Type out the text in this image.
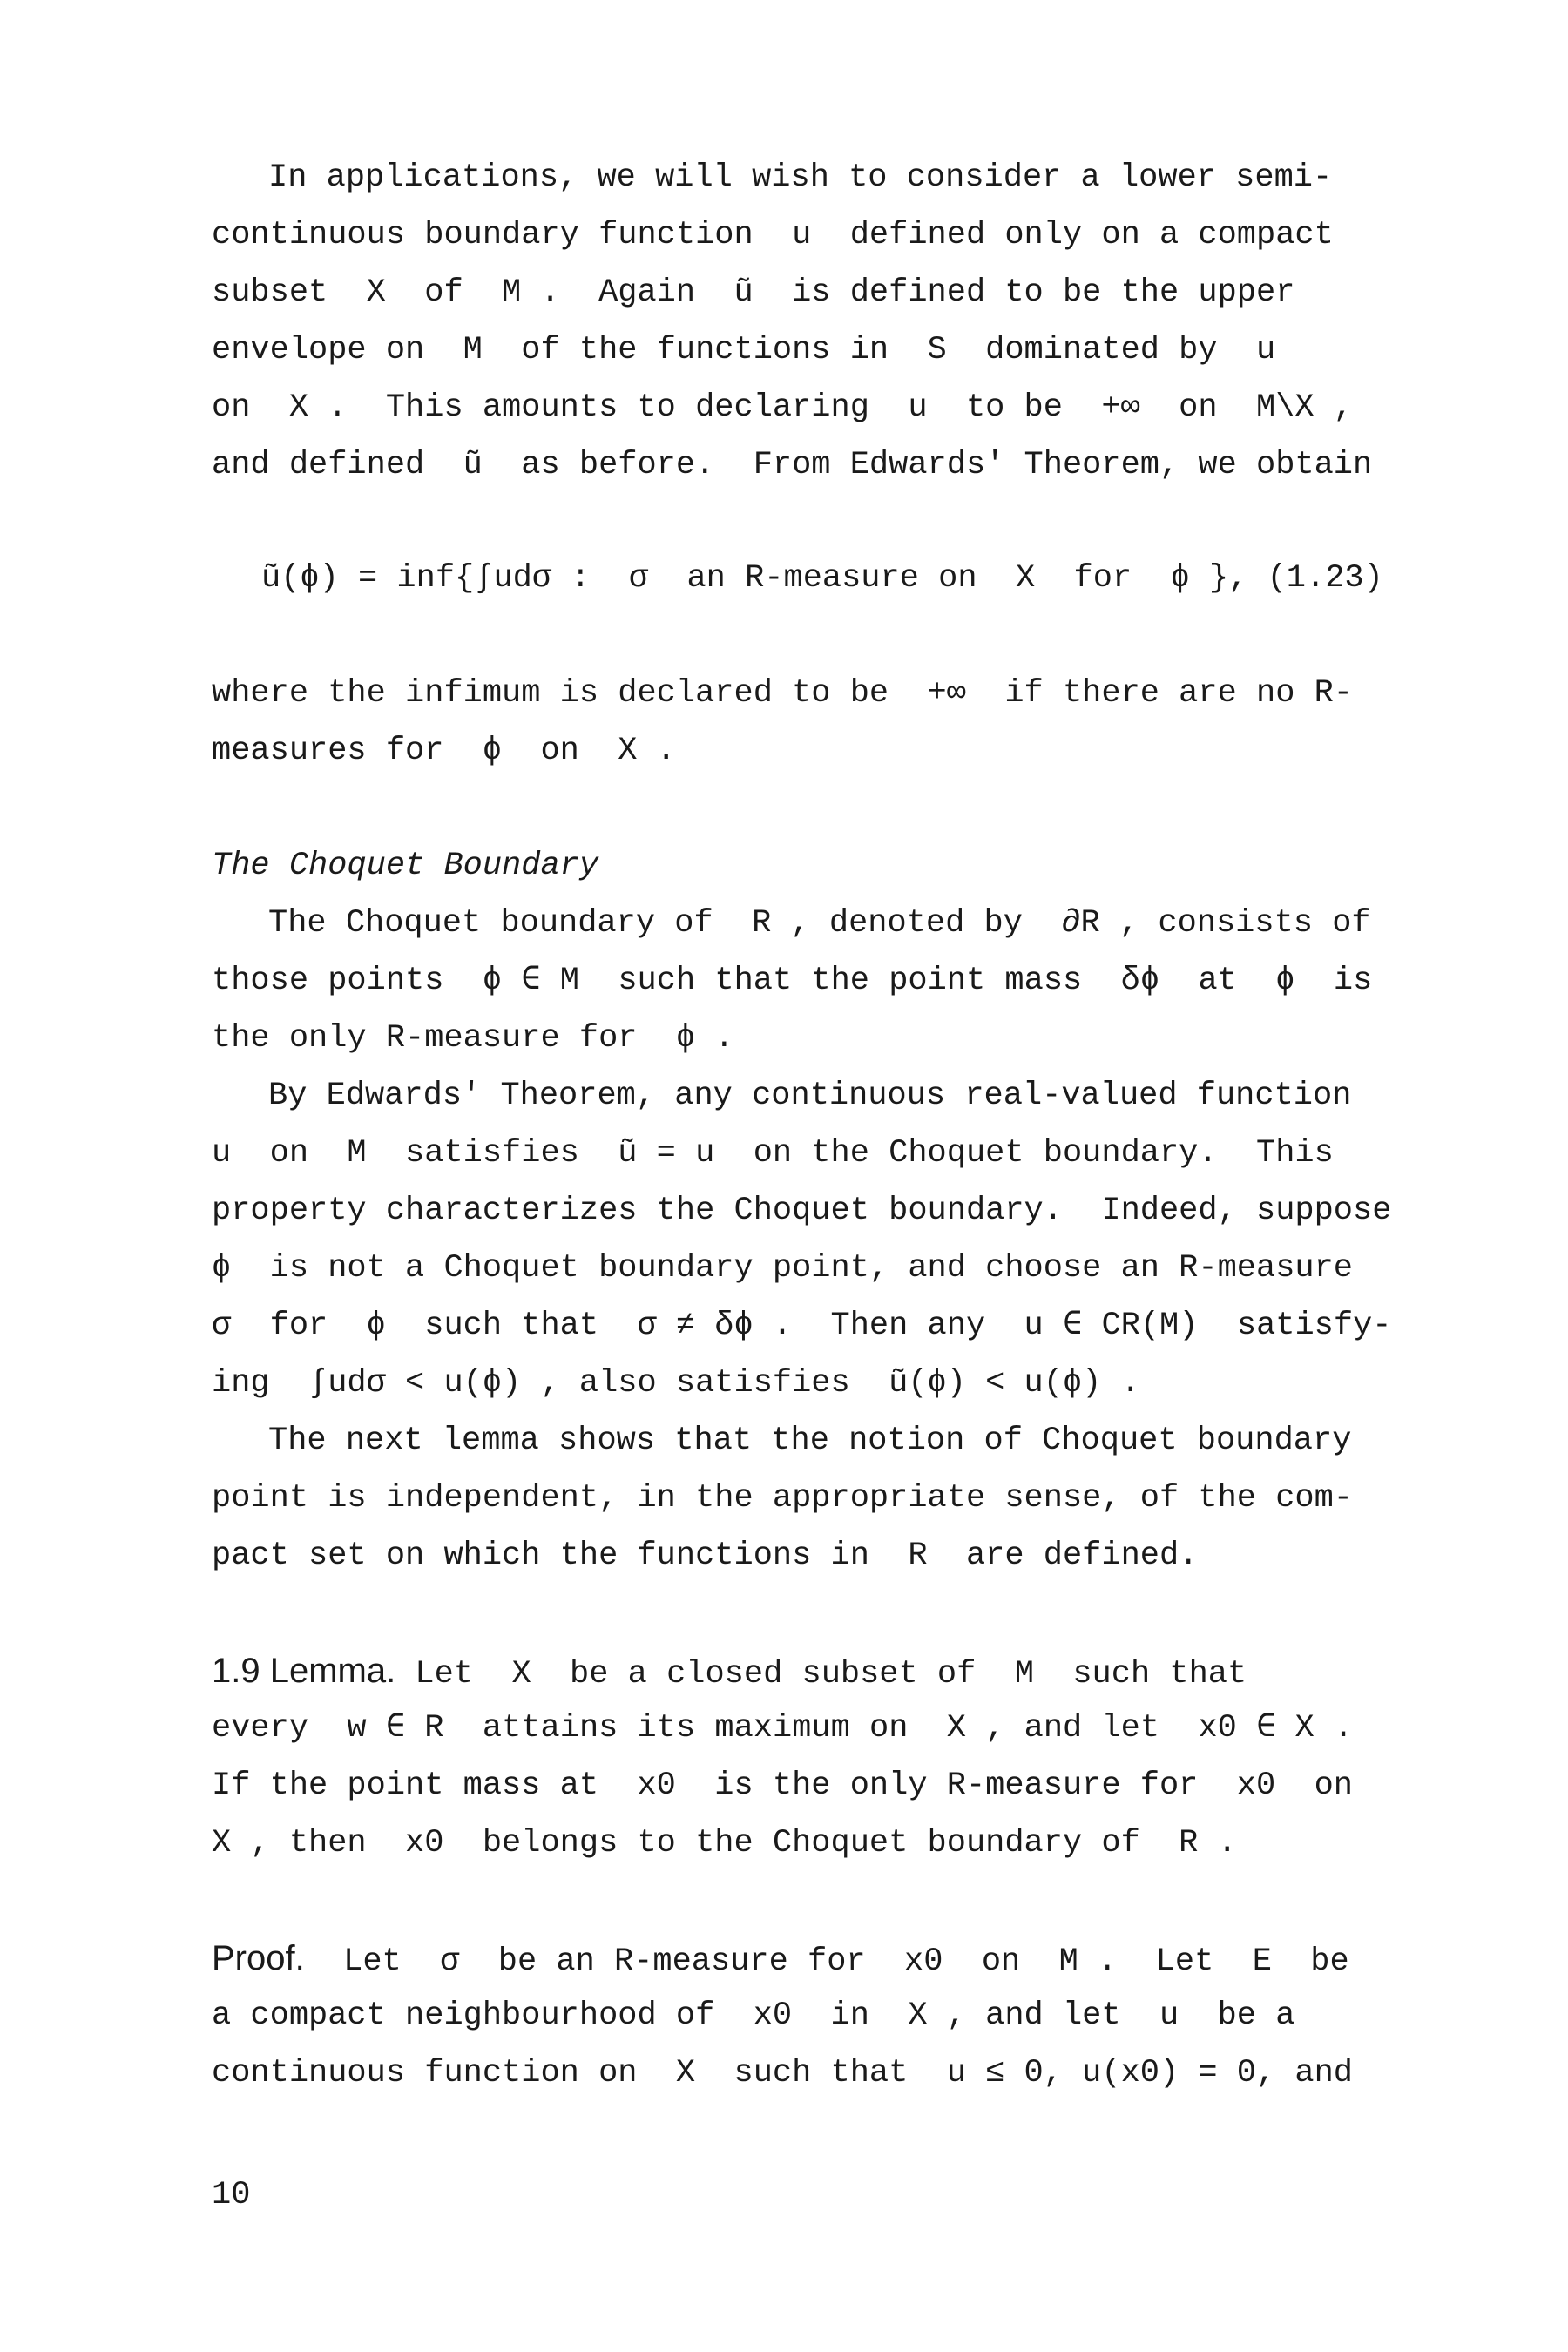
In applications, we will wish to consider a lower semi-
continuous boundary function  u  defined only on a compact
subset  X  of  M .  Again  ũ  is defined to be the upper
envelope on  M  of the functions in  S  dominated by  u
on  X .  This amounts to declaring  u  to be  +∞  on  M\X ,
and defined  ũ  as before.  From Edwards' Theorem, we obtain
ũ(ϕ) = inf{∫udσ :  σ  an R-measure on  X  for  ϕ }, (1.23)
where the infimum is declared to be  +∞  if there are no R-
measures for  ϕ  on  X .
The Choquet Boundary
The Choquet boundary of  R , denoted by  ∂R , consists of
those points  ϕ ∈ M  such that the point mass  δϕ  at  ϕ  is
the only R-measure for  ϕ .
By Edwards' Theorem, any continuous real-valued function
u  on  M  satisfies  ũ = u  on the Choquet boundary.  This
property characterizes the Choquet boundary.  Indeed, suppose
ϕ  is not a Choquet boundary point, and choose an R-measure
σ  for  ϕ  such that  σ ≠ δϕ .  Then any  u ∈ CR(M)  satisfy-
ing  ∫udσ < u(ϕ) , also satisfies  ũ(ϕ) < u(ϕ) .
The next lemma shows that the notion of Choquet boundary
point is independent, in the appropriate sense, of the com-
pact set on which the functions in  R  are defined.
1.9 Lemma. Let  X  be a closed subset of  M  such that
every  w ∈ R  attains its maximum on  X , and let  x0 ∈ X .
If the point mass at  x0  is the only R-measure for  x0  on
X , then  x0  belongs to the Choquet boundary of  R .
Proof.  Let  σ  be an R-measure for  x0  on  M .  Let  E  be
a compact neighbourhood of  x0  in  X , and let  u  be a
continuous function on  X  such that  u ≤ 0, u(x0) = 0, and
10
